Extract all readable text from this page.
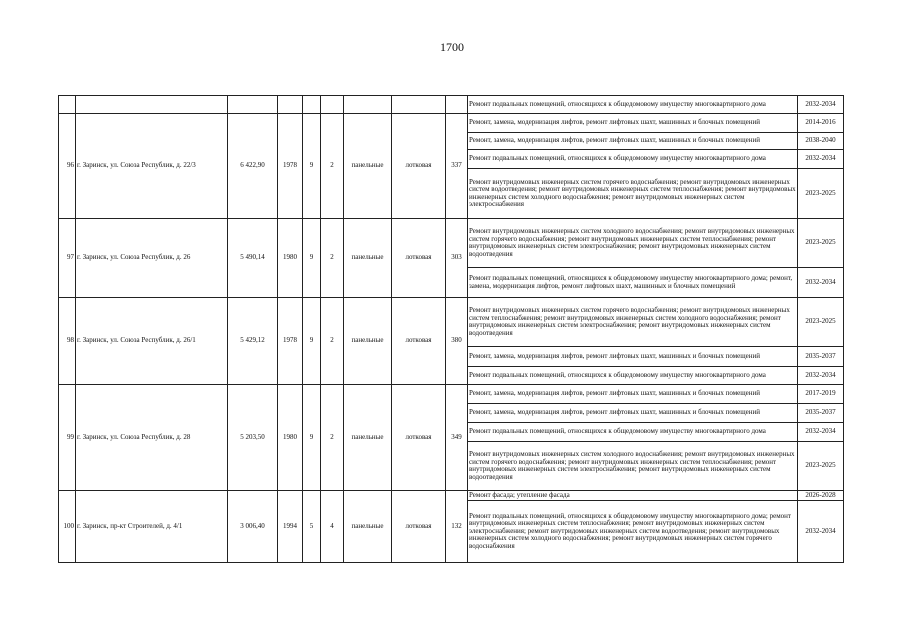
1700
									Ремонт подвальных помещений, относящихся к общедомовому имуществу многоквартирного дома	2032-2034
96	г. Заринск, ул. Союза Республик, д. 22/3	6 422,90	1978	9	2	панельные	лотковая	337	Ремонт, замена, модернизация лифтов, ремонт лифтовых шахт, машинных и блочных помещений	2014-2016
									Ремонт, замена, модернизация лифтов, ремонт лифтовых шахт, машинных и блочных помещений	2038-2040
									Ремонт подвальных помещений, относящихся к общедомовому имуществу многоквартирного дома	2032-2034
									Ремонт внутридомовых инженерных систем горячего водоснабжения; ремонт внутридомовых инженерных систем водоотведения; ремонт внутридомовых инженерных систем теплоснабжения; ремонт внутридомовых инженерных систем холодного водоснабжения; ремонт внутридомовых инженерных систем электроснабжения	2023-2025
97	г. Заринск, ул. Союза Республик, д. 26	5 490,14	1980	9	2	панельные	лотковая	303	Ремонт внутридомовых инженерных систем холодного водоснабжения; ремонт внутридомовых инженерных систем горячего водоснабжения; ремонт внутридомовых инженерных систем теплоснабжения; ремонт внутридомовых инженерных систем электроснабжения; ремонт внутридомовых инженерных систем водоотведения	2023-2025
									Ремонт подвальных помещений, относящихся к общедомовому имуществу многоквартирного дома; ремонт, замена, модернизация лифтов, ремонт лифтовых шахт, машинных и блочных помещений	2032-2034
98	г. Заринск, ул. Союза Республик, д. 26/1	5 429,12	1978	9	2	панельные	лотковая	380	Ремонт внутридомовых инженерных систем горячего водоснабжения; ремонт внутридомовых инженерных систем теплоснабжения; ремонт внутридомовых инженерных систем холодного водоснабжения; ремонт внутридомовых инженерных систем электроснабжения; ремонт внутридомовых инженерных систем водоотведения	2023-2025
									Ремонт, замена, модернизация лифтов, ремонт лифтовых шахт, машинных и блочных помещений	2035-2037
									Ремонт подвальных помещений, относящихся к общедомовому имуществу многоквартирного дома	2032-2034
99	г. Заринск, ул. Союза Республик, д. 28	5 203,50	1980	9	2	панельные	лотковая	349	Ремонт, замена, модернизация лифтов, ремонт лифтовых шахт, машинных и блочных помещений	2017-2019
									Ремонт, замена, модернизация лифтов, ремонт лифтовых шахт, машинных и блочных помещений	2035-2037
									Ремонт подвальных помещений, относящихся к общедомовому имуществу многоквартирного дома	2032-2034
									Ремонт внутридомовых инженерных систем холодного водоснабжения; ремонт внутридомовых инженерных систем горячего водоснабжения; ремонт внутридомовых инженерных систем теплоснабжения; ремонт внутридомовых инженерных систем электроснабжения; ремонт внутридомовых инженерных систем водоотведения	2023-2025
100	г. Заринск, пр-кт Строителей, д. 4/1	3 006,40	1994	5	4	панельные	лотковая	132	Ремонт фасада; утепление фасада	2026-2028
									Ремонт подвальных помещений, относящихся к общедомовому имуществу многоквартирного дома; ремонт внутридомовых инженерных систем теплоснабжения; ремонт внутридомовых инженерных систем электроснабжения; ремонт внутридомовых инженерных систем водоотведения; ремонт внутридомовых инженерных систем холодного водоснабжения; ремонт внутридомовых инженерных систем горячего водоснабжения	2032-2034
